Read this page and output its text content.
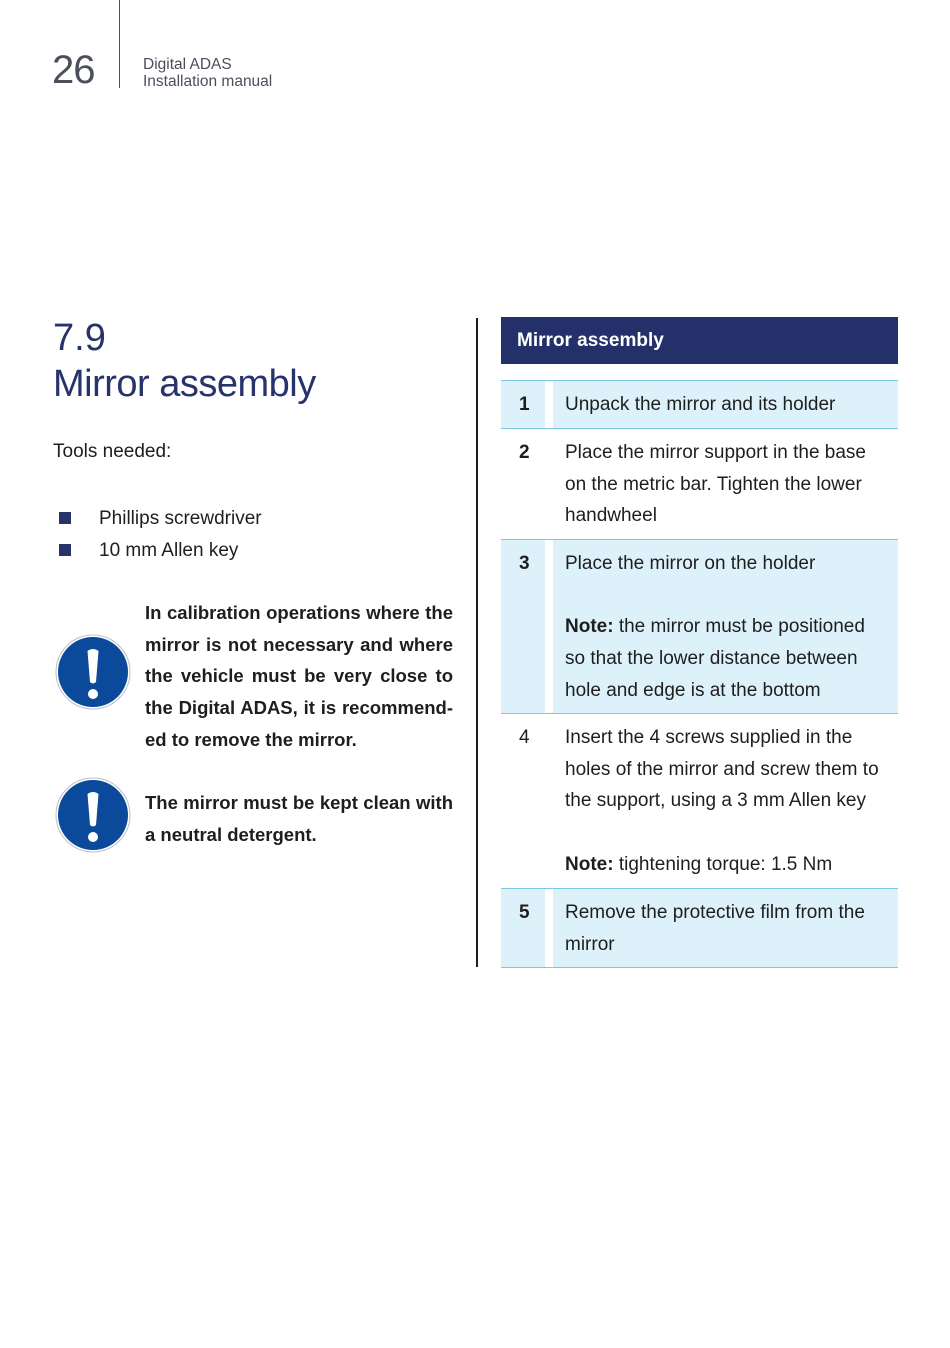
26	Digital ADAS
Installation manual
7.9
Mirror assembly
Tools needed:
Phillips screwdriver
10 mm Allen key
In calibration operations where the mirror is not necessary and where the vehicle must be very close to the Digital ADAS, it is recommend-ed to remove the mirror.
The mirror must be kept clean with a neutral detergent.
Mirror assembly
1	Unpack the mirror and its holder
2	Place the mirror support in the base on the metric bar. Tighten the lower handwheel
3	Place the mirror on the holder
Note: the mirror must be positioned so that the lower distance between hole and edge is at the bottom
4	Insert the 4 screws supplied in the holes of the mirror and screw them to the support, using a 3 mm Allen key
Note: tightening torque: 1.5 Nm
5	Remove the protective film from the mirror
